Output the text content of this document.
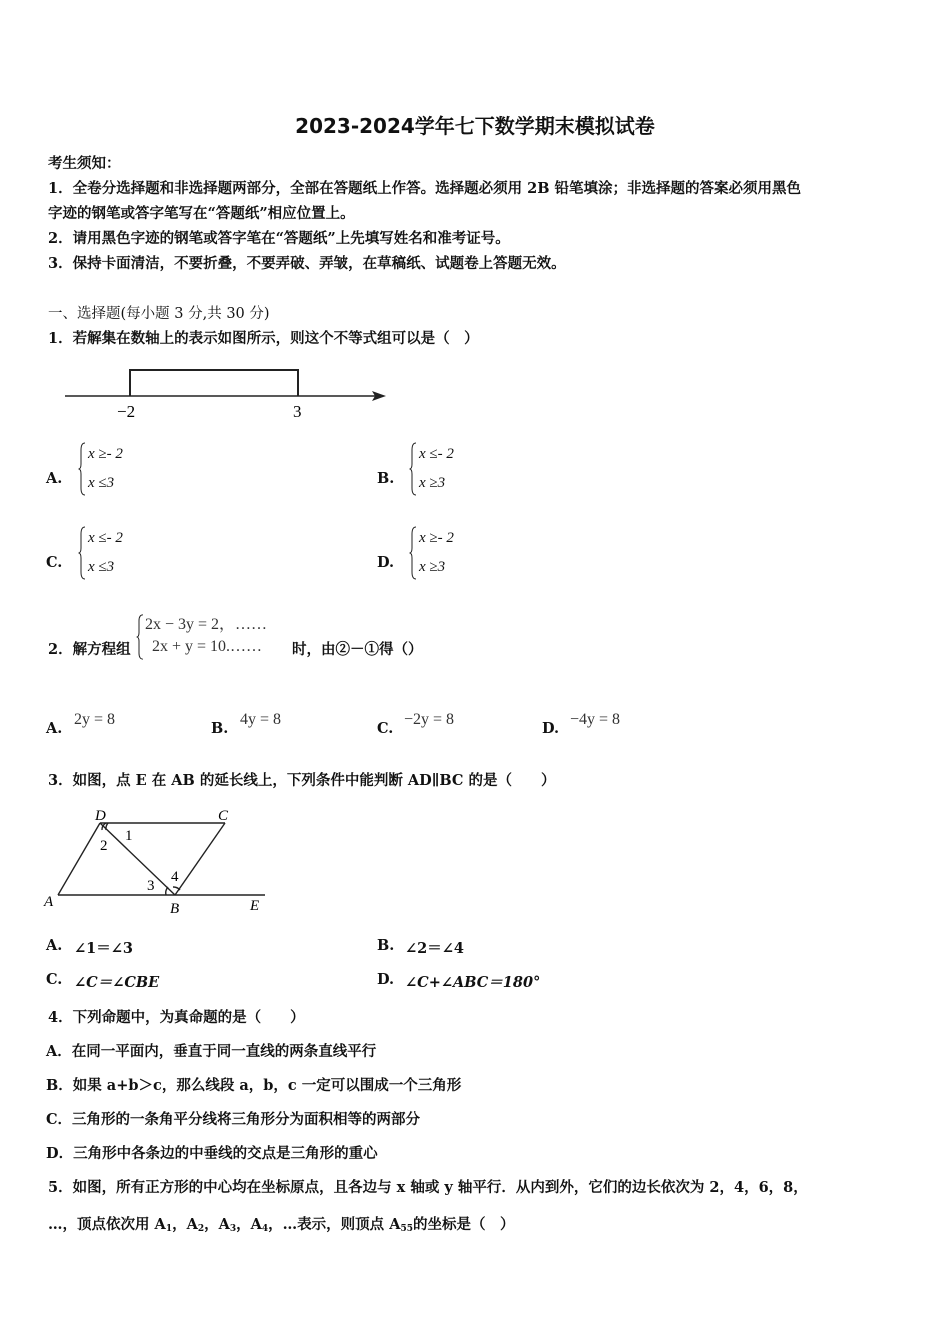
2023-2024学年七下数学期末模拟试卷
考生须知：
1．全卷分选择题和非选择题两部分，全部在答题纸上作答。选择题必须用 2B 铅笔填涂；非选择题的答案必须用黑色
字迹的钢笔或答字笔写在“答题纸”相应位置上。
2．请用黑色字迹的钢笔或答字笔在“答题纸”上先填写姓名和准考证号。
3．保持卡面清洁，不要折叠，不要弄破、弄皱，在草稿纸、试题卷上答题无效。
一、选择题(每小题 3 分,共 30 分)
1．若解集在数轴上的表示如图所示，则这个不等式组可以是（　）
−2	3
A.
x ≥- 2
x ≤3	B.
x ≤- 2
x ≥3
C.
x ≤- 2
x ≤3	D.
x ≥- 2
x ≥3
2．解方程组
2x − 3y = 2，……
2x + y = 10.…… 时，由②－①得（）
A.
2y = 8
B.
4y = 8
C.
−2y = 8
D.
−4y = 8
3．如图，点 E 在 AB 的延长线上，下列条件中能判断 AD∥BC 的是（　　）
D	C
A	B	E
1
2
3
4
A. ∠1＝∠3	B. ∠2＝∠4
C. ∠C＝∠CBE	D. ∠C+∠ABC＝180°
4．下列命题中，为真命题的是（　　）
A．在同一平面内，垂直于同一直线的两条直线平行
B．如果 a+b＞c，那么线段 a，b，c 一定可以围成一个三角形
C．三角形的一条角平分线将三角形分为面积相等的两部分
D．三角形中各条边的中垂线的交点是三角形的重心
5．如图，所有正方形的中心均在坐标原点，且各边与 x 轴或 y 轴平行．从内到外，它们的边长依次为 2，4，6，8，
…，顶点依次用 $A_1$，$A_2$，$A_3$，$A_4$，…表示，则顶点 $A_{55}$的坐标是（　）
